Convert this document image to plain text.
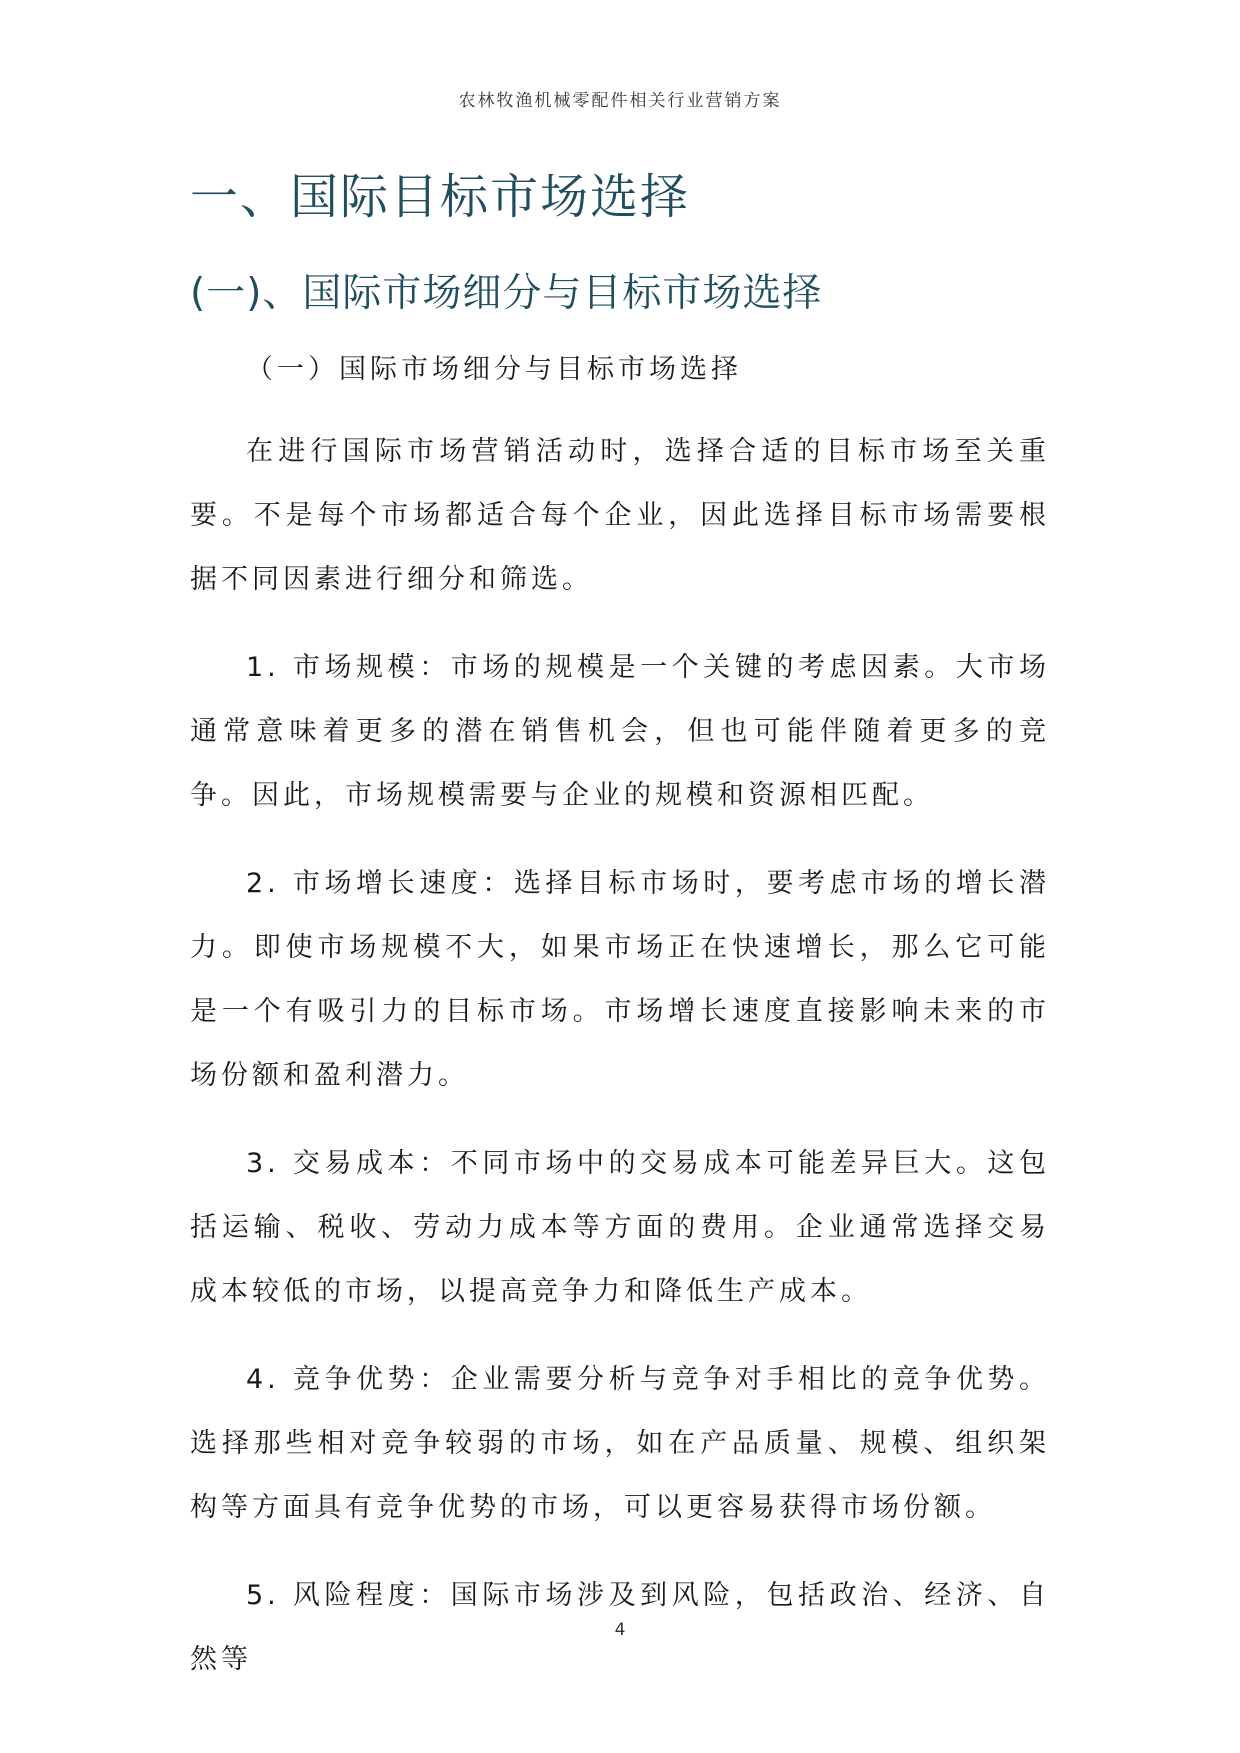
农林牧渔机械零配件相关行业营销方案
一、国际目标市场选择
(一)、国际市场细分与目标市场选择

（一）国际市场细分与目标市场选择

在进行国际市场营销活动时，选择合适的目标市场至关重要。不是每个市场都适合每个企业，因此选择目标市场需要根据不同因素进行细分和筛选。

1. 市场规模：市场的规模是一个关键的考虑因素。大市场通常意味着更多的潜在销售机会，但也可能伴随着更多的竞争。因此，市场规模需要与企业的规模和资源相匹配。

2. 市场增长速度：选择目标市场时，要考虑市场的增长潜力。即使市场规模不大，如果市场正在快速增长，那么它可能是一个有吸引力的目标市场。市场增长速度直接影响未来的市场份额和盈利潜力。

3. 交易成本：不同市场中的交易成本可能差异巨大。这包括运输、税收、劳动力成本等方面的费用。企业通常选择交易成本较低的市场，以提高竞争力和降低生产成本。

4. 竞争优势：企业需要分析与竞争对手相比的竞争优势。选择那些相对竞争较弱的市场，如在产品质量、规模、组织架构等方面具有竞争优势的市场，可以更容易获得市场份额。

5. 风险程度：国际市场涉及到风险，包括政治、经济、自然等

4
